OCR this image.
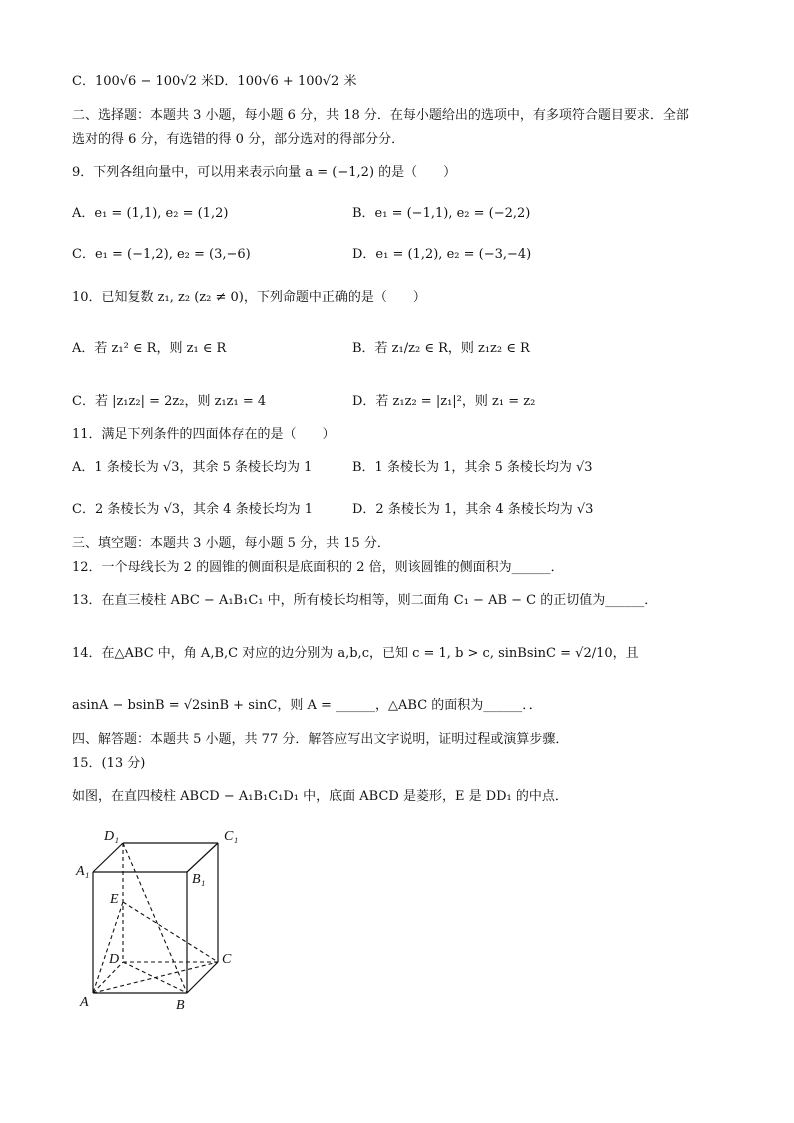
C．100√6 − 100√2 米 D．100√6 + 100√2 米
二、选择题：本题共 3 小题，每小题 6 分，共 18 分．在每小题给出的选项中，有多项符合题目要求．全部
选对的得 6 分，有选错的得 0 分，部分选对的得部分分．
9．下列各组向量中，可以用来表示向量 a = (−1,2) 的是（　　）
A．e₁ = (1,1), e₂ = (1,2)	B．e₁ = (−1,1), e₂ = (−2,2)
C．e₁ = (−1,2), e₂ = (3,−6)	D．e₁ = (1,2), e₂ = (−3,−4)
10．已知复数 z₁, z₂ (z₂ ≠ 0)，下列命题中正确的是（　　）
A．若 z₁² ∈ R，则 z₁ ∈ R	B．若 z₁/z₂ ∈ R，则 z₁z₂ ∈ R
C．若 |z₁z₂| = 2z₂，则 z₁z₁ = 4	D．若 z₁z₂ = |z₁|²，则 z₁ = z₂
11．满足下列条件的四面体存在的是（　　）
A．1 条棱长为 √3，其余 5 条棱长均为 1	B．1 条棱长为 1，其余 5 条棱长均为 √3
C．2 条棱长为 √3，其余 4 条棱长均为 1	D．2 条棱长为 1，其余 4 条棱长均为 √3
三、填空题：本题共 3 小题，每小题 5 分，共 15 分．
12．一个母线长为 2 的圆锥的侧面积是底面积的 2 倍，则该圆锥的侧面积为______．
13．在直三棱柱 ABC − A₁B₁C₁ 中，所有棱长均相等，则二面角 C₁ − AB − C 的正切值为______．
14．在△ABC 中，角 A,B,C 对应的边分别为 a,b,c，已知 c = 1, b > c, sinBsinC = √2/10，且
asinA − bsinB = √2sinB + sinC，则 A = ______，△ABC 的面积为______．．
四、解答题：本题共 5 小题，共 77 分．解答应写出文字说明，证明过程或演算步骤．
15．(13 分)
如图，在直四棱柱 ABCD − A₁B₁C₁D₁ 中，底面 ABCD 是菱形，E 是 DD₁ 的中点．
D₁	C₁
A₁
B₁
E
D	C
A	B
